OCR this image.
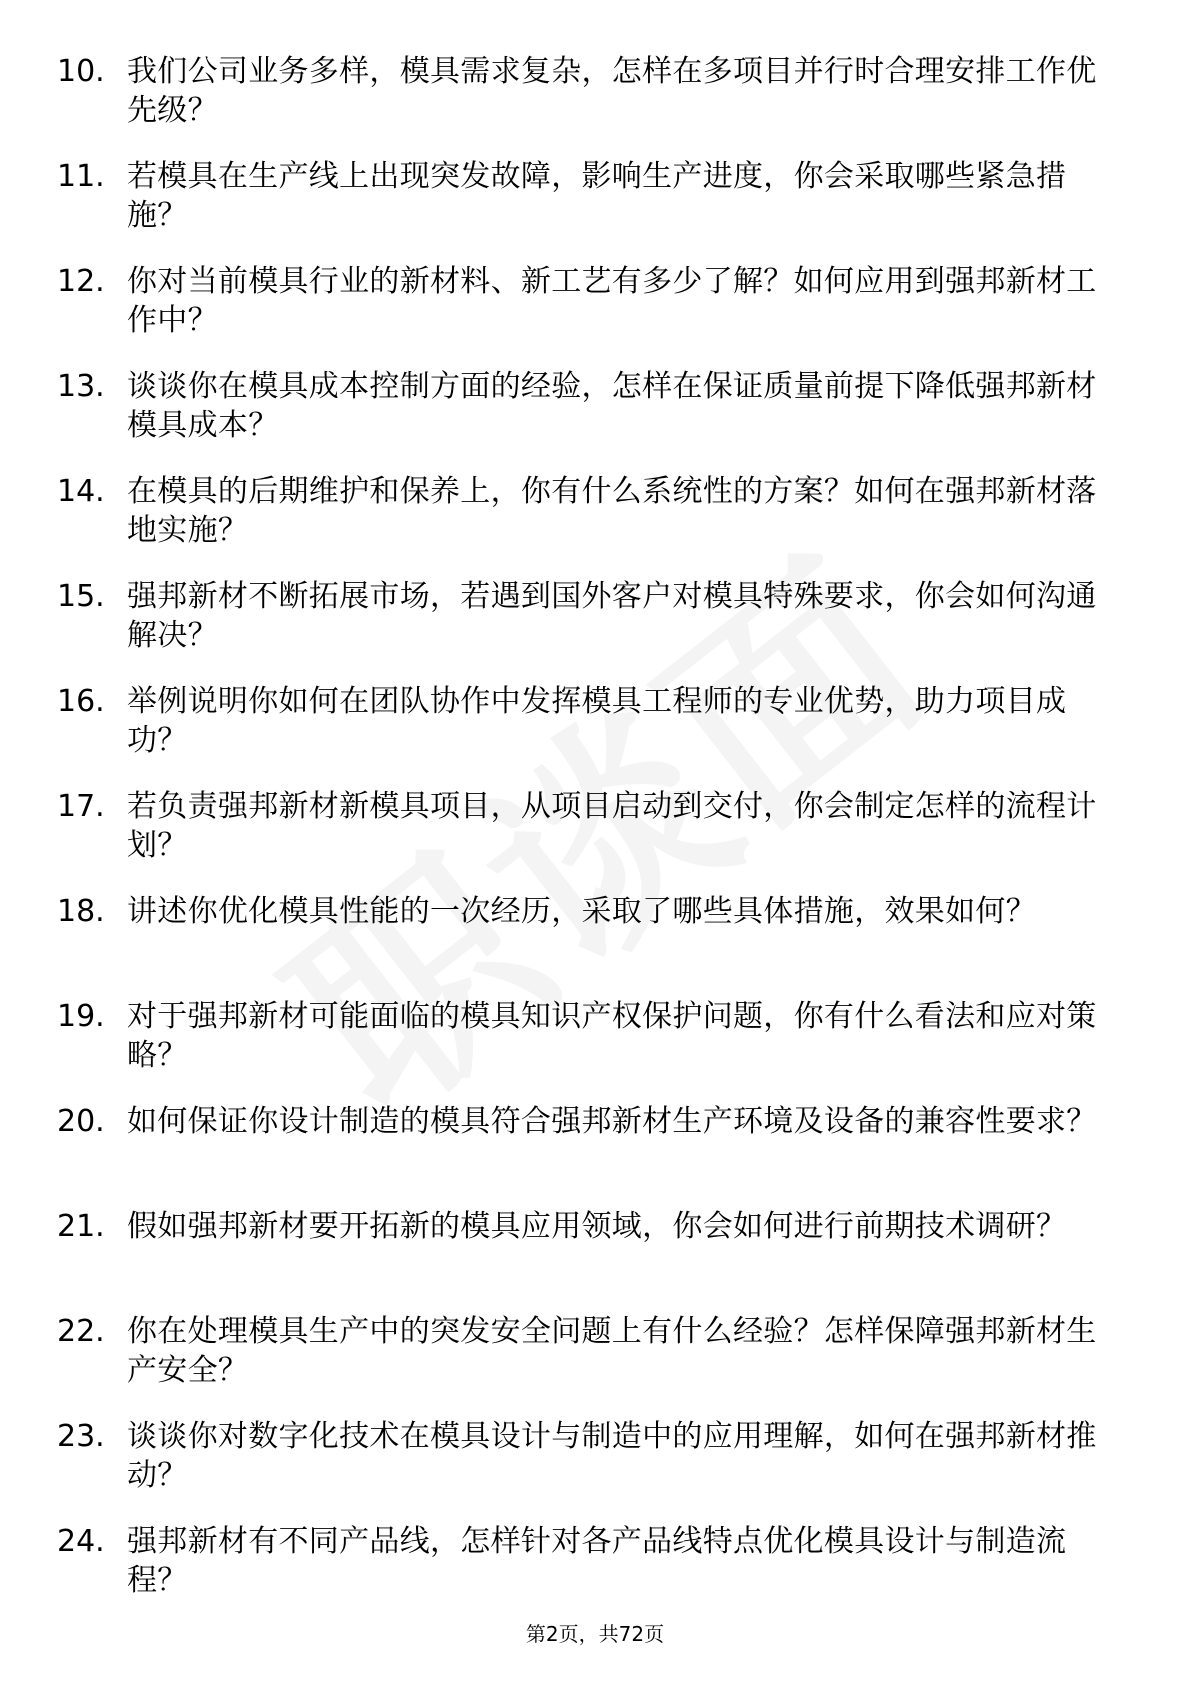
10. 我们公司业务多样，模具需求复杂，怎样在多项目并行时合理安排工作优先级？
11. 若模具在生产线上出现突发故障，影响生产进度，你会采取哪些紧急措施？
12. 你对当前模具行业的新材料、新工艺有多少了解？如何应用到强邦新材工作中？
13. 谈谈你在模具成本控制方面的经验，怎样在保证质量前提下降低强邦新材模具成本？
14. 在模具的后期维护和保养上，你有什么系统性的方案？如何在强邦新材落地实施？
15. 强邦新材不断拓展市场，若遇到国外客户对模具特殊要求，你会如何沟通解决？
16. 举例说明你如何在团队协作中发挥模具工程师的专业优势，助力项目成功？
17. 若负责强邦新材新模具项目，从项目启动到交付，你会制定怎样的流程计划？
18. 讲述你优化模具性能的一次经历，采取了哪些具体措施，效果如何？
19. 对于强邦新材可能面临的模具知识产权保护问题，你有什么看法和应对策略？
20. 如何保证你设计制造的模具符合强邦新材生产环境及设备的兼容性要求？
21. 假如强邦新材要开拓新的模具应用领域，你会如何进行前期技术调研？
22. 你在处理模具生产中的突发安全问题上有什么经验？怎样保障强邦新材生产安全？
23. 谈谈你对数字化技术在模具设计与制造中的应用理解，如何在强邦新材推动？
24. 强邦新材有不同产品线，怎样针对各产品线特点优化模具设计与制造流程？
第2页，共72页
